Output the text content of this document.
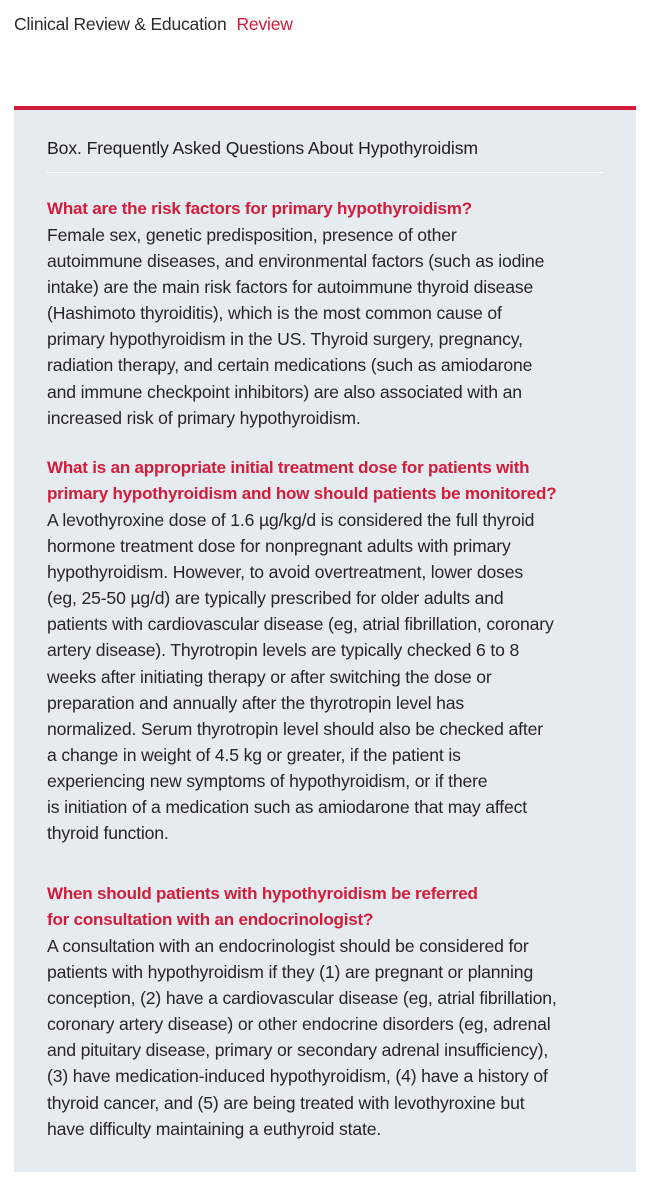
Clinical Review & Education Review
Box. Frequently Asked Questions About Hypothyroidism

What are the risk factors for primary hypothyroidism?

Female sex, genetic predisposition, presence of other
autoimmune diseases, and environmental factors (such as iodine
intake) are the main risk factors for autoimmune thyroid disease
(Hashimoto thyroiditis), which is the most common cause of
primary hypothyroidism in the US. Thyroid surgery, pregnancy,
radiation therapy, and certain medications (such as amiodarone
and immune checkpoint inhibitors) are also associated with an
increased risk of primary hypothyroidism.

What is an appropriate initial treatment dose for patients with
primary hypothyroidism and how should patients be monitored?

A levothyroxine dose of 1.6 µg/kg/d is considered the full thyroid
hormone treatment dose for nonpregnant adults with primary
hypothyroidism. However, to avoid overtreatment, lower doses
(eg, 25-50 µg/d) are typically prescribed for older adults and
patients with cardiovascular disease (eg, atrial fibrillation, coronary
artery disease). Thyrotropin levels are typically checked 6 to 8
weeks after initiating therapy or after switching the dose or
preparation and annually after the thyrotropin level has
normalized. Serum thyrotropin level should also be checked after
a change in weight of 4.5 kg or greater, if the patient is
experiencing new symptoms of hypothyroidism, or if there
is initiation of a medication such as amiodarone that may affect
thyroid function.

When should patients with hypothyroidism be referred
for consultation with an endocrinologist?

A consultation with an endocrinologist should be considered for
patients with hypothyroidism if they (1) are pregnant or planning
conception, (2) have a cardiovascular disease (eg, atrial fibrillation,
coronary artery disease) or other endocrine disorders (eg, adrenal
and pituitary disease, primary or secondary adrenal insufficiency),
(3) have medication-induced hypothyroidism, (4) have a history of
thyroid cancer, and (5) are being treated with levothyroxine but
have difficulty maintaining a euthyroid state.
